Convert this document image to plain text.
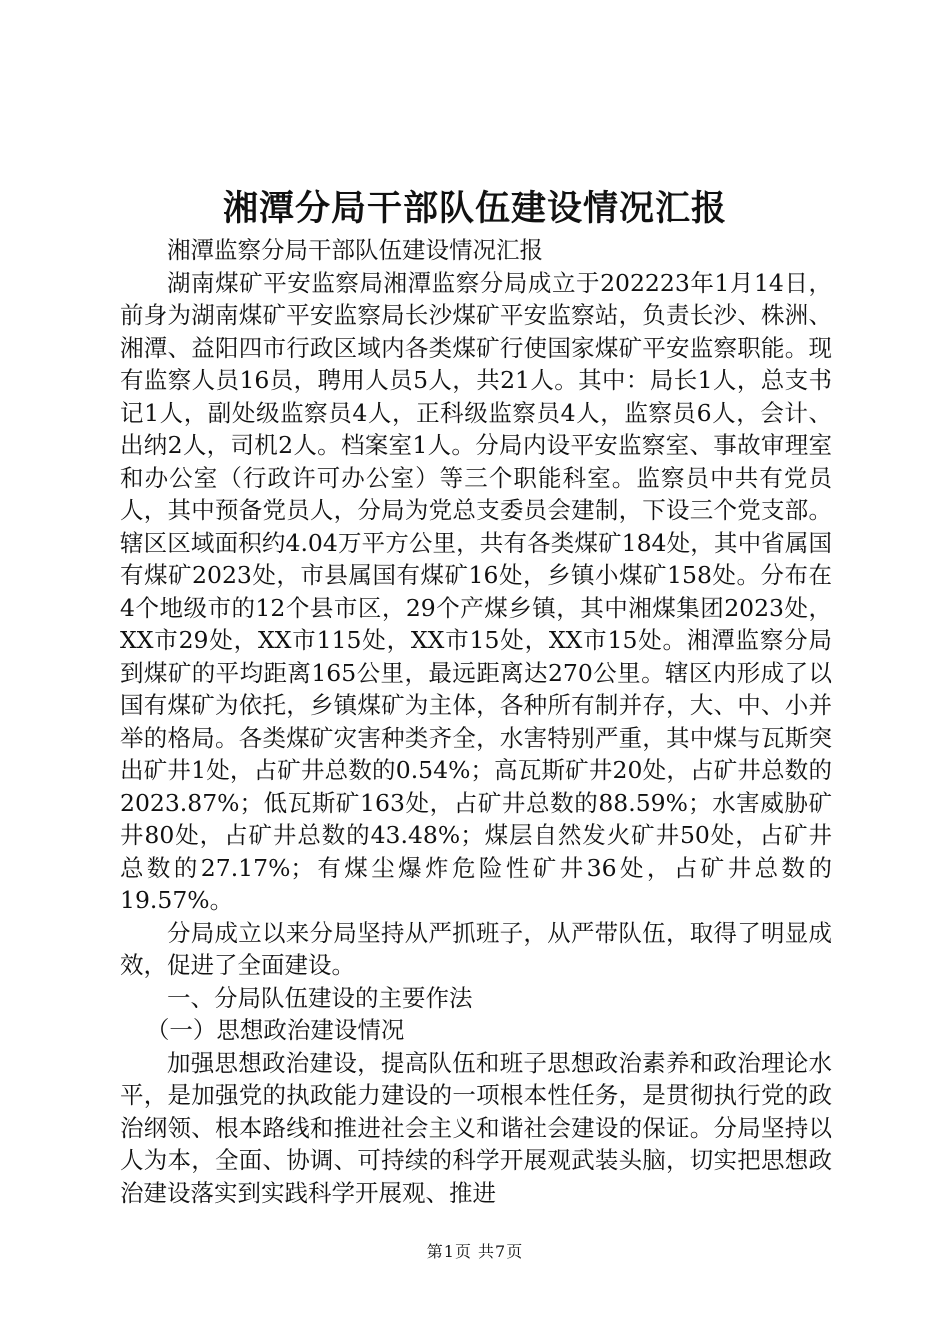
湘潭分局干部队伍建设情况汇报

湘潭监察分局干部队伍建设情况汇报

湖南煤矿平安监察局湘潭监察分局成立于202223年1月14日，前身为湖南煤矿平安监察局长沙煤矿平安监察站，负责长沙、株洲、湘潭、益阳四市行政区域内各类煤矿行使国家煤矿平安监察职能。现有监察人员16员，聘用人员5人，共21人。其中：局长1人，总支书记1人，副处级监察员4人，正科级监察员4人，监察员6人，会计、出纳2人，司机2人。档案室1人。分局内设平安监察室、事故审理室和办公室（行政许可办公室）等三个职能科室。监察员中共有党员人，其中预备党员人，分局为党总支委员会建制，下设三个党支部。辖区区域面积约4.04万平方公里，共有各类煤矿184处，其中省属国有煤矿2023处，市县属国有煤矿16处，乡镇小煤矿158处。分布在4个地级市的12个县市区，29个产煤乡镇，其中湘煤集团2023处，XX市29处，XX市115处，XX市15处，XX市15处。湘潭监察分局到煤矿的平均距离165公里，最远距离达270公里。辖区内形成了以国有煤矿为依托，乡镇煤矿为主体，各种所有制并存，大、中、小并举的格局。各类煤矿灾害种类齐全，水害特别严重，其中煤与瓦斯突出矿井1处，占矿井总数的0.54%；高瓦斯矿井20处，占矿井总数的2023.87%；低瓦斯矿163处，占矿井总数的88.59%；水害威胁矿井80处，占矿井总数的43.48%；煤层自然发火矿井50处，占矿井总数的27.17%；有煤尘爆炸危险性矿井36处，占矿井总数的19.57%。

分局成立以来分局坚持从严抓班子，从严带队伍，取得了明显成效，促进了全面建设。

一、分局队伍建设的主要作法

（一）思想政治建设情况

加强思想政治建设，提高队伍和班子思想政治素养和政治理论水平，是加强党的执政能力建设的一项根本性任务，是贯彻执行党的政治纲领、根本路线和推进社会主义和谐社会建设的保证。分局坚持以人为本，全面、协调、可持续的科学开展观武装头脑，切实把思想政治建设落实到实践科学开展观、推进

第1页 共7页
